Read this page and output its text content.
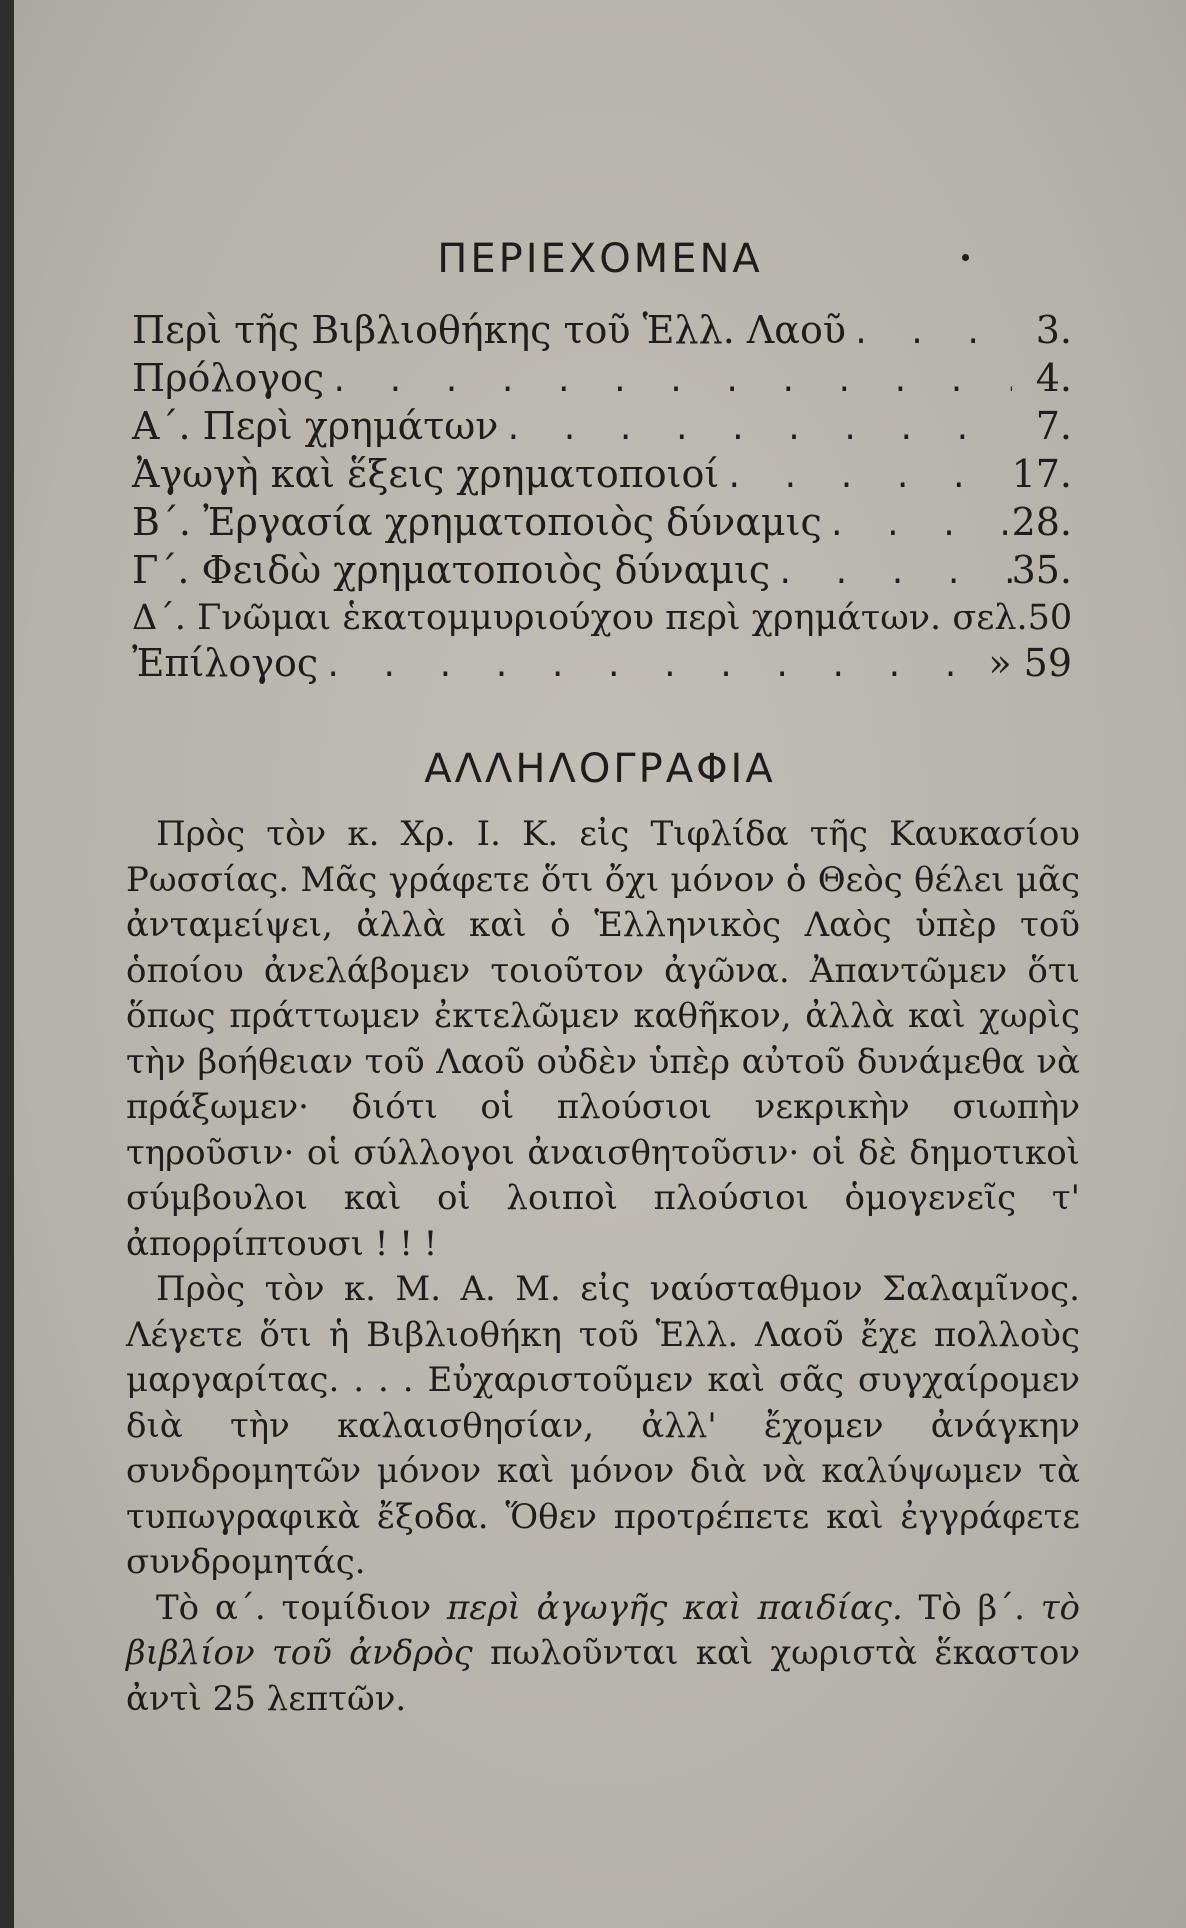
ΠΕΡΙΕΧΟΜΕΝΑ
Περὶ τῆς Βιβλιοθήκης τοῦ Ἑλλ. Λαοῦ . . .	3.
Πρόλογος . . .	4.
Α΄. Περὶ χρημάτων . . .	7.
Ἀγωγὴ καὶ ἕξεις χρηματοποιοί . . .	17.
Β΄. Ἐργασία χρηματοποιὸς δύναμις . . .	28.
Γ΄. Φειδὼ χρηματοποιὸς δύναμις . . .	35.
Δ΄. Γνῶμαι ἑκατομμυριούχου περὶ χρημάτων. σελ.50
Ἐπίλογος . . .	» 59
ΑΛΛΗΛΟΓΡΑΦΙΑ

Πρὸς τὸν κ. Χρ. Ι. Κ. εἰς Τιφλίδα τῆς Καυκασίου Ρωσσίας. Μᾶς γράφετε ὅτι ὄχι μόνον ὁ Θεὸς θέλει μᾶς ἀνταμείψει, ἀλλὰ καὶ ὁ Ἑλληνικὸς Λαὸς ὑπὲρ τοῦ ὁποίου ἀνελάβομεν τοιοῦτον ἀγῶνα. Ἀπαντῶμεν ὅτι ὅπως πράττωμεν ἐκτελῶμεν καθῆκον, ἀλλὰ καὶ χωρὶς τὴν βοήθειαν τοῦ Λαοῦ οὐδὲν ὑπὲρ αὐτοῦ δυνάμεθα νὰ πράξωμεν· διότι οἱ πλούσιοι νεκρικὴν σιωπὴν τηροῦσιν· οἱ σύλλογοι ἀναισθητοῦσιν· οἱ δὲ δημοτικοὶ σύμβουλοι καὶ οἱ λοιποὶ πλούσιοι ὁμογενεῖς τ' ἀπορρίπτουσι ! ! !

Πρὸς τὸν κ. Μ. Α. Μ. εἰς ναύσταθμον Σαλαμῖνος. Λέγετε ὅτι ἡ Βιβλιοθήκη τοῦ Ἑλλ. Λαοῦ ἔχε πολλοὺς μαργαρίτας. . . . Εὐχαριστοῦμεν καὶ σᾶς συγχαίρομεν διὰ τὴν καλαισθησίαν, ἀλλ' ἔχομεν ἀνάγκην συνδρομητῶν μόνον καὶ μόνον διὰ νὰ καλύψωμεν τὰ τυπωγραφικὰ ἔξοδα. Ὅθεν προτρέπετε καὶ ἐγγράφετε συνδρομητάς.

Τὸ α΄. τομίδιον περὶ ἀγωγῆς καὶ παιδίας. Τὸ β΄. τὸ βιβλίον τοῦ ἀνδρὸς πωλοῦνται καὶ χωριστὰ ἕκαστον ἀντὶ 25 λεπτῶν.
